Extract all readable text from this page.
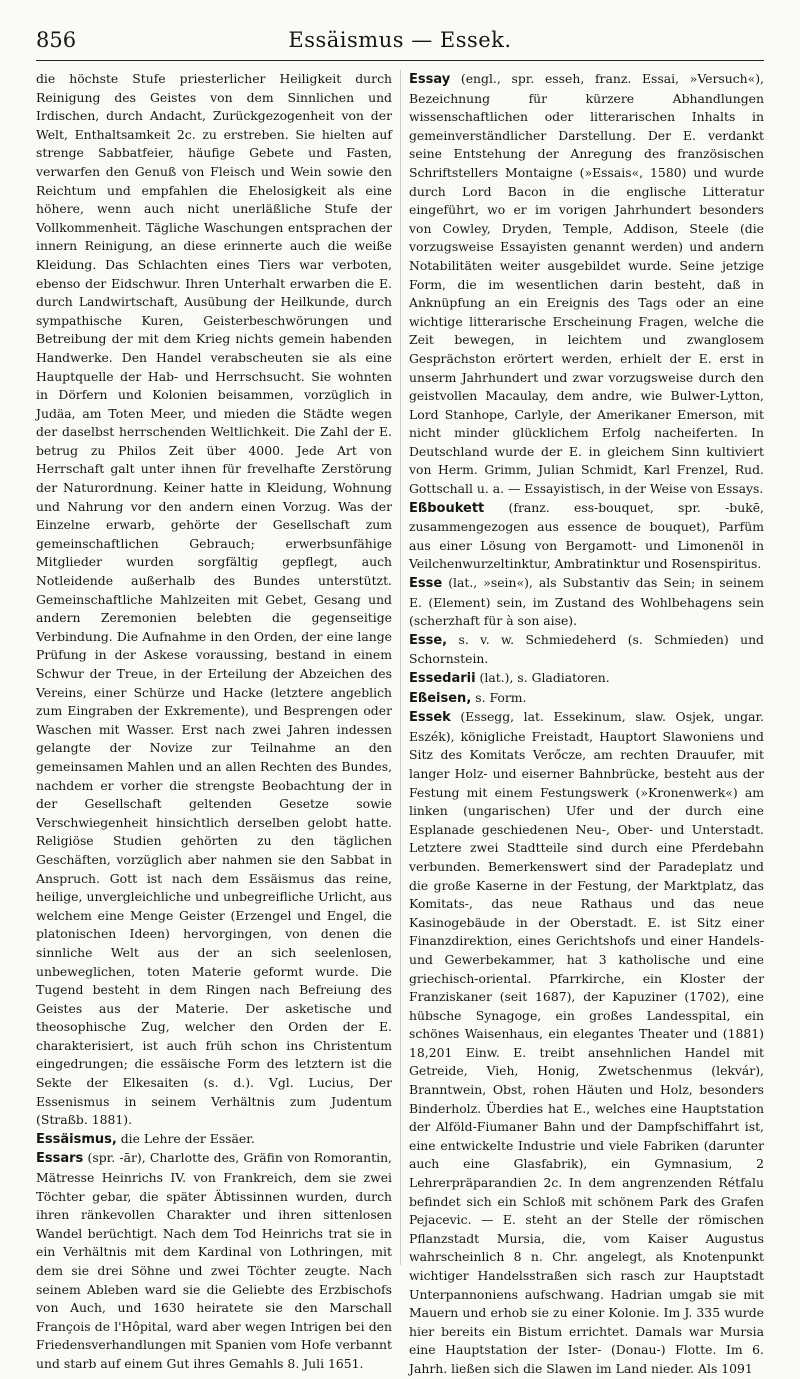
856	Essäismus — Essek.

die höchste Stufe priesterlicher Heiligkeit durch Reinigung des Geistes von dem Sinnlichen und Irdischen, durch Andacht, Zurückgezogenheit von der Welt, Enthaltsamkeit 2c. zu erstreben. Sie hielten auf strenge Sabbatfeier, häufige Gebete und Fasten, verwarfen den Genuß von Fleisch und Wein sowie den Reichtum und empfahlen die Ehelosigkeit als eine höhere, wenn auch nicht unerläßliche Stufe der Vollkommenheit. Tägliche Waschungen entsprachen der innern Reinigung, an diese erinnerte auch die weiße Kleidung. Das Schlachten eines Tiers war verboten, ebenso der Eidschwur. Ihren Unterhalt erwarben die E. durch Landwirtschaft, Ausübung der Heilkunde, durch sympathische Kuren, Geisterbeschwörungen und Betreibung der mit dem Krieg nichts gemein habenden Handwerke. Den Handel verabscheuten sie als eine Hauptquelle der Hab- und Herrschsucht. Sie wohnten in Dörfern und Kolonien beisammen, vorzüglich in Judäa, am Toten Meer, und mieden die Städte wegen der daselbst herrschenden Weltlichkeit. Die Zahl der E. betrug zu Philos Zeit über 4000. Jede Art von Herrschaft galt unter ihnen für frevelhafte Zerstörung der Naturordnung. Keiner hatte in Kleidung, Wohnung und Nahrung vor den andern einen Vorzug. Was der Einzelne erwarb, gehörte der Gesellschaft zum gemeinschaftlichen Gebrauch; erwerbsunfähige Mitglieder wurden sorgfältig gepflegt, auch Notleidende außerhalb des Bundes unterstützt. Gemeinschaftliche Mahlzeiten mit Gebet, Gesang und andern Zeremonien belebten die gegenseitige Verbindung. Die Aufnahme in den Orden, der eine lange Prüfung in der Askese voraussing, bestand in einem Schwur der Treue, in der Erteilung der Abzeichen des Vereins, einer Schürze und Hacke (letztere angeblich zum Eingraben der Exkremente), und Besprengen oder Waschen mit Wasser. Erst nach zwei Jahren indessen gelangte der Novize zur Teilnahme an den gemeinsamen Mahlen und an allen Rechten des Bundes, nachdem er vorher die strengste Beobachtung der in der Gesellschaft geltenden Gesetze sowie Verschwiegenheit hinsichtlich derselben gelobt hatte. Religiöse Studien gehörten zu den täglichen Geschäften, vorzüglich aber nahmen sie den Sabbat in Anspruch. Gott ist nach dem Essäismus das reine, heilige, unvergleichliche und unbegreifliche Urlicht, aus welchem eine Menge Geister (Erzengel und Engel, die platonischen Ideen) hervorgingen, von denen die sinnliche Welt aus der an sich seelenlosen, unbeweglichen, toten Materie geformt wurde. Die Tugend besteht in dem Ringen nach Befreiung des Geistes aus der Materie. Der asketische und theosophische Zug, welcher den Orden der E. charakterisiert, ist auch früh schon ins Christentum eingedrungen; die essäische Form des letztern ist die Sekte der Elkesaiten (s. d.). Vgl. Lucius, Der Essenismus in seinem Verhältnis zum Judentum (Straßb. 1881).

Essäismus, die Lehre der Essäer.

Essars (spr. -ār), Charlotte des, Gräfin von Romorantin, Mätresse Heinrichs IV. von Frankreich, dem sie zwei Töchter gebar, die später Äbtissinnen wurden, durch ihren ränkevollen Charakter und ihren sittenlosen Wandel berüchtigt. Nach dem Tod Heinrichs trat sie in ein Verhältnis mit dem Kardinal von Lothringen, mit dem sie drei Söhne und zwei Töchter zeugte. Nach seinem Ableben ward sie die Geliebte des Erzbischofs von Auch, und 1630 heiratete sie den Marschall François de l'Hôpital, ward aber wegen Intrigen bei den Friedensverhandlungen mit Spanien vom Hofe verbannt und starb auf einem Gut ihres Gemahls 8. Juli 1651.

Essay (engl., spr. esseh, franz. Essai, »Versuch«), Bezeichnung für kürzere Abhandlungen wissenschaftlichen oder litterarischen Inhalts in gemeinverständlicher Darstellung. Der E. verdankt seine Entstehung der Anregung des französischen Schriftstellers Montaigne (»Essais«, 1580) und wurde durch Lord Bacon in die englische Litteratur eingeführt, wo er im vorigen Jahrhundert besonders von Cowley, Dryden, Temple, Addison, Steele (die vorzugsweise Essayisten genannt werden) und andern Notabilitäten weiter ausgebildet wurde. Seine jetzige Form, die im wesentlichen darin besteht, daß in Anknüpfung an ein Ereignis des Tags oder an eine wichtige litterarische Erscheinung Fragen, welche die Zeit bewegen, in leichtem und zwanglosem Gesprächston erörtert werden, erhielt der E. erst in unserm Jahrhundert und zwar vorzugsweise durch den geistvollen Macaulay, dem andre, wie Bulwer-Lytton, Lord Stanhope, Carlyle, der Amerikaner Emerson, mit nicht minder glücklichem Erfolg nacheiferten. In Deutschland wurde der E. in gleichem Sinn kultiviert von Herm. Grimm, Julian Schmidt, Karl Frenzel, Rud. Gottschall u. a. — Essayistisch, in der Weise von Essays.

Eßboukett (franz. ess-bouquet, spr. -bukē, zusammengezogen aus essence de bouquet), Parfüm aus einer Lösung von Bergamott- und Limonenöl in Veilchenwurzeltinktur, Ambratinktur und Rosenspiritus.

Esse (lat., »sein«), als Substantiv das Sein; in seinem E. (Element) sein, im Zustand des Wohlbehagens sein (scherzhaft für à son aise).

Esse, s. v. w. Schmiedeherd (s. Schmieden) und Schornstein.

Essedarii (lat.), s. Gladiatoren.

Eßeisen, s. Form.

Essek (Essegg, lat. Essekinum, slaw. Osjek, ungar. Eszék), königliche Freistadt, Hauptort Slawoniens und Sitz des Komitats Verőcze, am rechten Drauufer, mit langer Holz- und eiserner Bahnbrücke, besteht aus der Festung mit einem Festungswerk (»Kronenwerk«) am linken (ungarischen) Ufer und der durch eine Esplanade geschiedenen Neu-, Ober- und Unterstadt. Letztere zwei Stadtteile sind durch eine Pferdebahn verbunden. Bemerkenswert sind der Paradeplatz und die große Kaserne in der Festung, der Marktplatz, das Komitats-, das neue Rathaus und das neue Kasinogebäude in der Oberstadt. E. ist Sitz einer Finanzdirektion, eines Gerichtshofs und einer Handels- und Gewerbekammer, hat 3 katholische und eine griechisch-oriental. Pfarrkirche, ein Kloster der Franziskaner (seit 1687), der Kapuziner (1702), eine hübsche Synagoge, ein großes Landesspital, ein schönes Waisenhaus, ein elegantes Theater und (1881) 18,201 Einw. E. treibt ansehnlichen Handel mit Getreide, Vieh, Honig, Zwetschenmus (lekvár), Branntwein, Obst, rohen Häuten und Holz, besonders Binderholz. Überdies hat E., welches eine Hauptstation der Alföld-Fiumaner Bahn und der Dampfschiffahrt ist, eine entwickelte Industrie und viele Fabriken (darunter auch eine Glasfabrik), ein Gymnasium, 2 Lehrerpräparandien 2c. In dem angrenzenden Rétfalu befindet sich ein Schloß mit schönem Park des Grafen Pejacevic. — E. steht an der Stelle der römischen Pflanzstadt Mursia, die, vom Kaiser Augustus wahrscheinlich 8 n. Chr. angelegt, als Knotenpunkt wichtiger Handelsstraßen sich rasch zur Hauptstadt Unterpannoniens aufschwang. Hadrian umgab sie mit Mauern und erhob sie zu einer Kolonie. Im J. 335 wurde hier bereits ein Bistum errichtet. Damals war Mursia eine Hauptstation der Ister- (Donau-) Flotte. Im 6. Jahrh. ließen sich die Slawen im Land nieder. Als 1091
